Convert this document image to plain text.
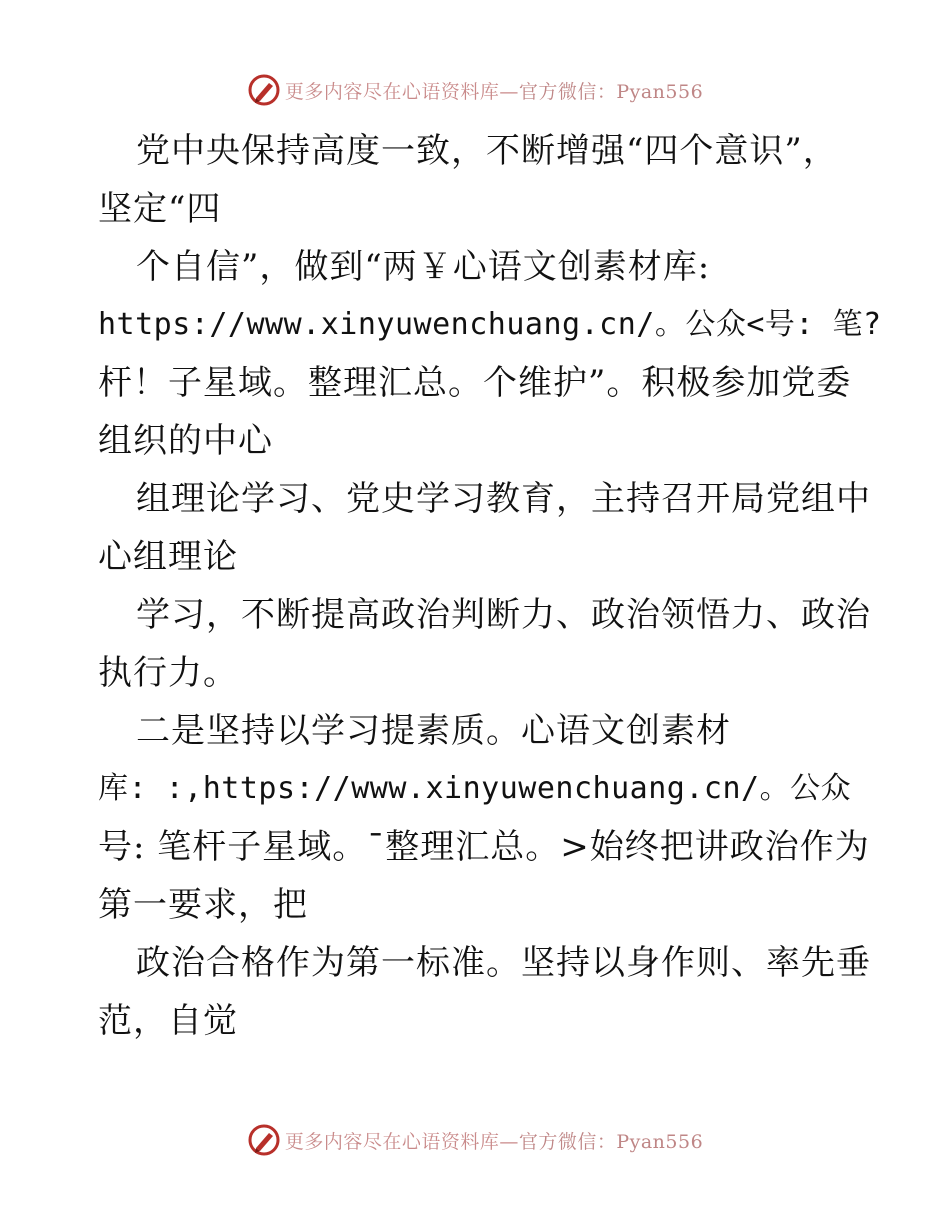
更多内容尽在心语资料库—官方微信：Pyan556
党中央保持高度一致，不断增强“四个意识”，
坚定“四
个自信”，做到“两￥心语文创素材库:
https://www.xinyuwenchuang.cn/。公众<号: 笔?
杆！子星域。整理汇总。个维护”。积极参加党委
组织的中心
组理论学习、党史学习教育，主持召开局党组中
心组理论
学习，不断提高政治判断力、政治领悟力、政治
执行力。
二是坚持以学习提素质。心语文创素材
库: :,https://www.xinyuwenchuang.cn/。公众
号: 笔杆子星域。¯整理汇总。>始终把讲政治作为
第一要求，把
政治合格作为第一标准。坚持以身作则、率先垂
范，自觉
更多内容尽在心语资料库—官方微信：Pyan556
